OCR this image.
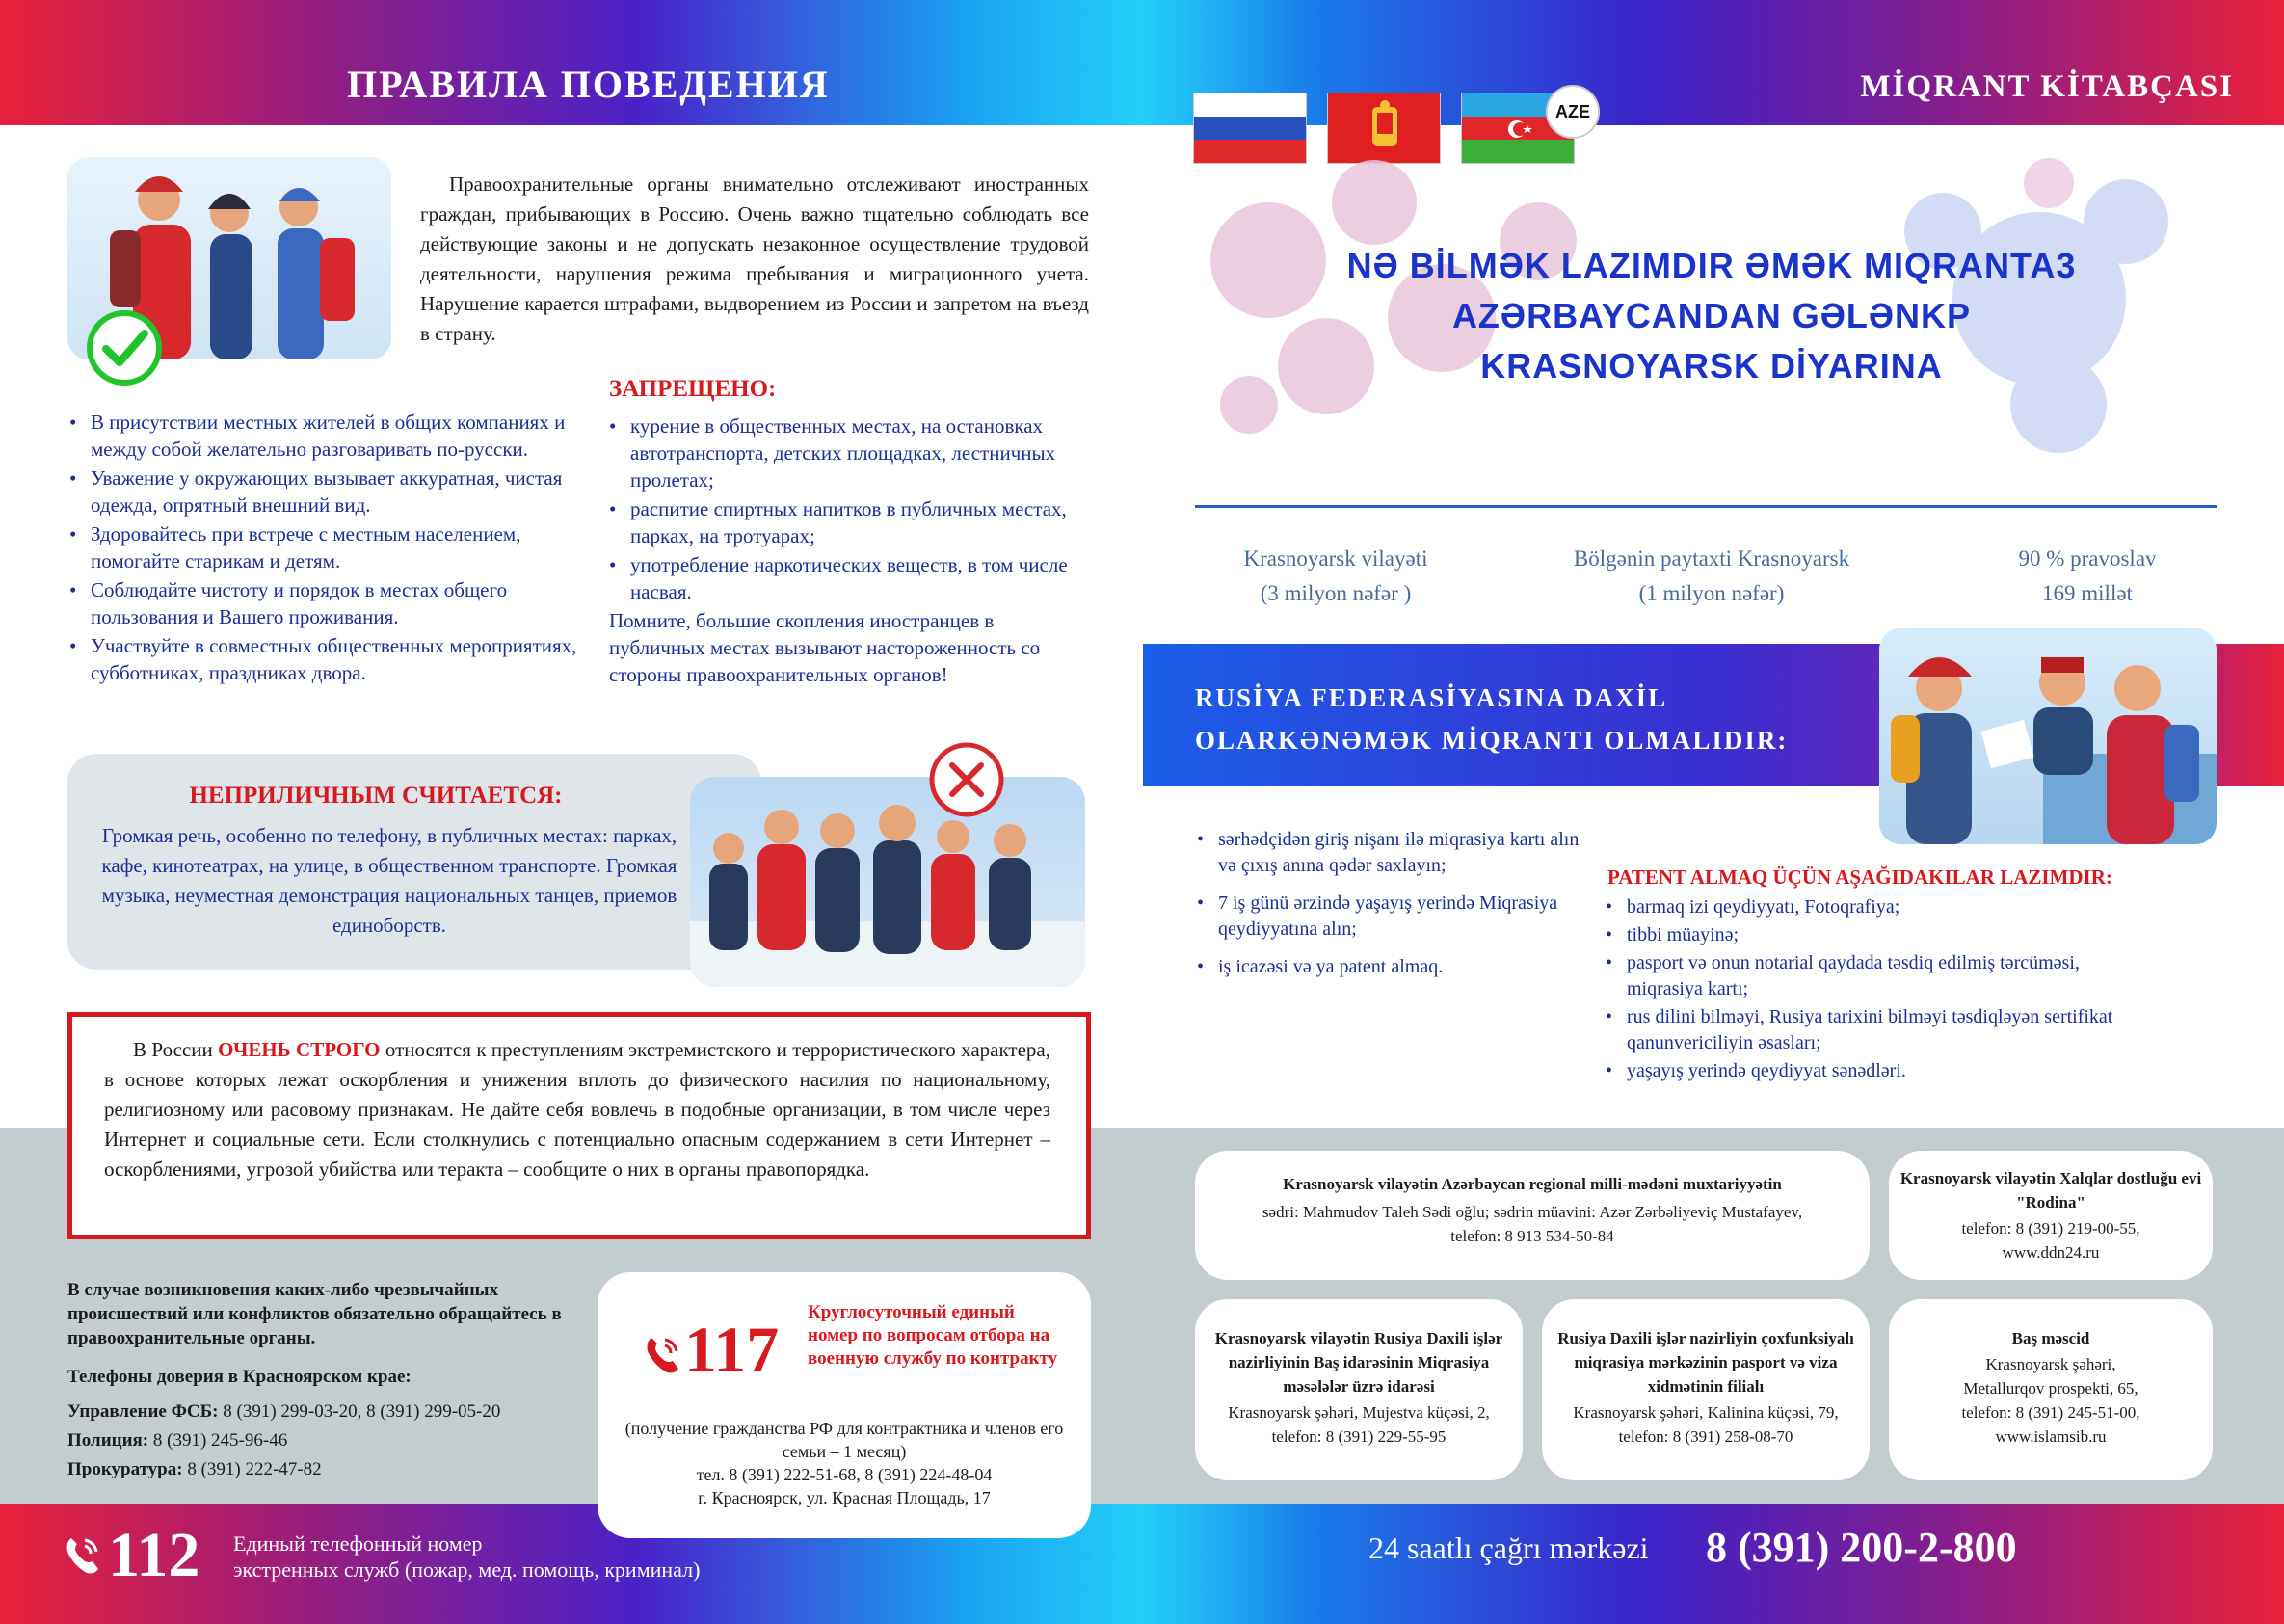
ПРАВИЛА ПОВЕДЕНИЯ	MİQRANT KİTABÇASI
AZE
NƏ BİLMƏK LAZIMDIR ƏMƏK MIQRANTA3
AZƏRBAYCANDAN GƏLƏNKP
KRASNOYARSK DİYARINA
Krasnoyarsk vilayəti
(3 milyon nəfər )
Bölgənin paytaxti Krasnoyarsk
(1 milyon nəfər)
90 % pravoslav
169 millət
RUSİYA FEDERASİYASINA DAXİL
OLARKƏNƏMƏK MİQRANTI OLMALIDIR:
• sərhədçidən giriş nişanı ilə miqrasiya kartı alın və çıxış anına qədər saxlayın;
• 7 iş günü ərzində yaşayış yerində Miqrasiya qeydiyyatına alın;
• iş icazəsi və ya patent almaq.
PATENT ALMAQ ÜÇÜN AŞAĞIDAKILAR LAZIMDIR:
• barmaq izi qeydiyyatı, Fotoqrafiya;
• tibbi müayinə;
• pasport və onun notarial qaydada təsdiq edilmiş tərcüməsi, miqrasiya kartı;
• rus dilini bilməyi, Rusiya tarixini bilməyi təsdiqləyən sertifikat qanunvericiliyin əsasları;
• yaşayış yerində qeydiyyat sənədləri.
Правоохранительные органы внимательно отслеживают иностранных граждан, прибывающих в Россию. Очень важно тщательно соблюдать все действующие законы и не допускать незаконное осуществление трудовой деятельности, нарушения режима пребывания и миграционного учета. Нарушение карается штрафами, выдворением из России и запретом на въезд в страну.
• В присутствии местных жителей в общих компаниях и между собой желательно разговаривать по-русски.
• Уважение у окружающих вызывает аккуратная, чистая одежда, опрятный внешний вид.
• Здоровайтесь при встрече с местным населением, помогайте старикам и детям.
• Соблюдайте чистоту и порядок в местах общего пользования и Вашего проживания.
• Участвуйте в совместных общественных мероприятиях, субботниках, праздниках двора.
ЗАПРЕЩЕНО:
• курение в общественных местах, на остановках автотранспорта, детских площадках, лестничных пролетах;
• распитие спиртных напитков в публичных местах, парках, на тротуарах;
• употребление наркотических веществ, в том числе насвая.
Помните, большие скопления иностранцев в публичных местах вызывают настороженность со стороны правоохранительных органов!
НЕПРИЛИЧНЫМ СЧИТАЕТСЯ:
Громкая речь, особенно по телефону, в публичных местах: парках, кафе, кинотеатрах, на улице, в общественном транспорте. Громкая музыка, неуместная демонстрация национальных танцев, приемов единоборств.
В России ОЧЕНЬ СТРОГО относятся к преступлениям экстремистского и террористического характера, в основе которых лежат оскорбления и унижения вплоть до физического насилия по национальному, религиозному или расовому признакам. Не дайте себя вовлечь в подобные организации, в том числе через Интернет и социальные сети. Если столкнулись с потенциально опасным содержанием в сети Интернет – оскорблениями, угрозой убийства или теракта – сообщите о них в органы правопорядка.
В случае возникновения каких-либо чрезвычайных происшествий или конфликтов обязательно обращайтесь в правоохранительные органы.
Телефоны доверия в Красноярском крае:
Управление ФСБ: 8 (391) 299-03-20, 8 (391) 299-05-20
Полиция: 8 (391) 245-96-46
Прокуратура: 8 (391) 222-47-82
117
Круглосуточный единый номер по вопросам отбора на военную службу по контракту
(получение гражданства РФ для контрактника и членов его семьи – 1 месяц)
тел. 8 (391) 222-51-68, 8 (391) 224-48-04
г. Красноярск, ул. Красная Площадь, 17
112 Единый телефонный номер
экстренных служб (пожар, мед. помощь, криминал)
24 saatlı çağrı mərkəzi 8 (391) 200-2-800
Krasnoyarsk vilayətin Azərbaycan regional milli-mədəni muxtariyyətin
sədri: Mahmudov Taleh Sədi oğlu; sədrin müavini: Azər Zərbəliyeviç Mustafayev,
telefon: 8 913 534-50-84
Krasnoyarsk vilayətin Xalqlar dostluğu evi "Rodina"
telefon: 8 (391) 219-00-55,
www.ddn24.ru
Krasnoyarsk vilayətin Rusiya Daxili işlər nazirliyinin Baş idarəsinin Miqrasiya məsələlər üzrə idarəsi
Krasnoyarsk şəhəri, Mujestva küçəsi, 2,
telefon: 8 (391) 229-55-95
Rusiya Daxili işlər nazirliyin çoxfunksiyalı miqrasiya mərkəzinin pasport və viza xidmətinin filialı
Krasnoyarsk şəhəri, Kalinina küçəsi, 79,
telefon: 8 (391) 258-08-70
Baş məscid
Krasnoyarsk şəhəri,
Metallurqov prospekti, 65,
telefon: 8 (391) 245-51-00,
www.islamsib.ru
